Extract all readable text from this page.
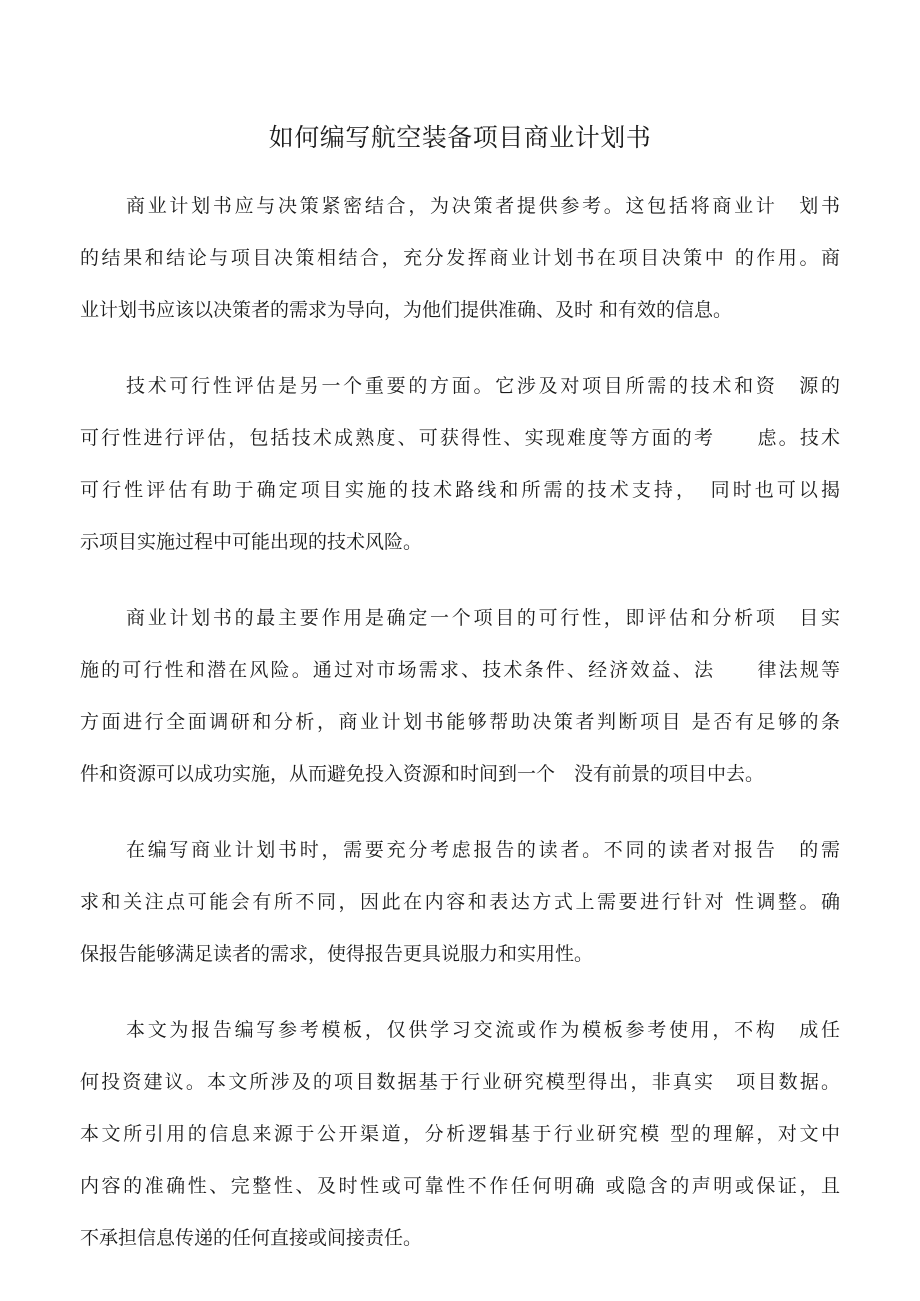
如何编写航空装备项目商业计划书
商业计划书应与决策紧密结合，为决策者提供参考。这包括将商业计　划书
的结果和结论与项目决策相结合，充分发挥商业计划书在项目决策中 的作用。商
业计划书应该以决策者的需求为导向，为他们提供准确、及时 和有效的信息。
技术可行性评估是另一个重要的方面。它涉及对项目所需的技术和资　源的
可行性进行评估，包括技术成熟度、可获得性、实现难度等方面的考　　虑。技术
可行性评估有助于确定项目实施的技术路线和所需的技术支持，　同时也可以揭
示项目实施过程中可能出现的技术风险。
商业计划书的最主要作用是确定一个项目的可行性，即评估和分析项　目实
施的可行性和潜在风险。通过对市场需求、技术条件、经济效益、法　　律法规等
方面进行全面调研和分析，商业计划书能够帮助决策者判断项目 是否有足够的条
件和资源可以成功实施，从而避免投入资源和时间到一个　没有前景的项目中去。
在编写商业计划书时，需要充分考虑报告的读者。不同的读者对报告　的需
求和关注点可能会有所不同，因此在内容和表达方式上需要进行针对 性调整。确
保报告能够满足读者的需求，使得报告更具说服力和实用性。
本文为报告编写参考模板，仅供学习交流或作为模板参考使用，不构　成任
何投资建议。本文所涉及的项目数据基于行业研究模型得出，非真实　项目数据。
本文所引用的信息来源于公开渠道，分析逻辑基于行业研究模 型的理解，对文中
内容的准确性、完整性、及时性或可靠性不作任何明确 或隐含的声明或保证，且
不承担信息传递的任何直接或间接责任。
